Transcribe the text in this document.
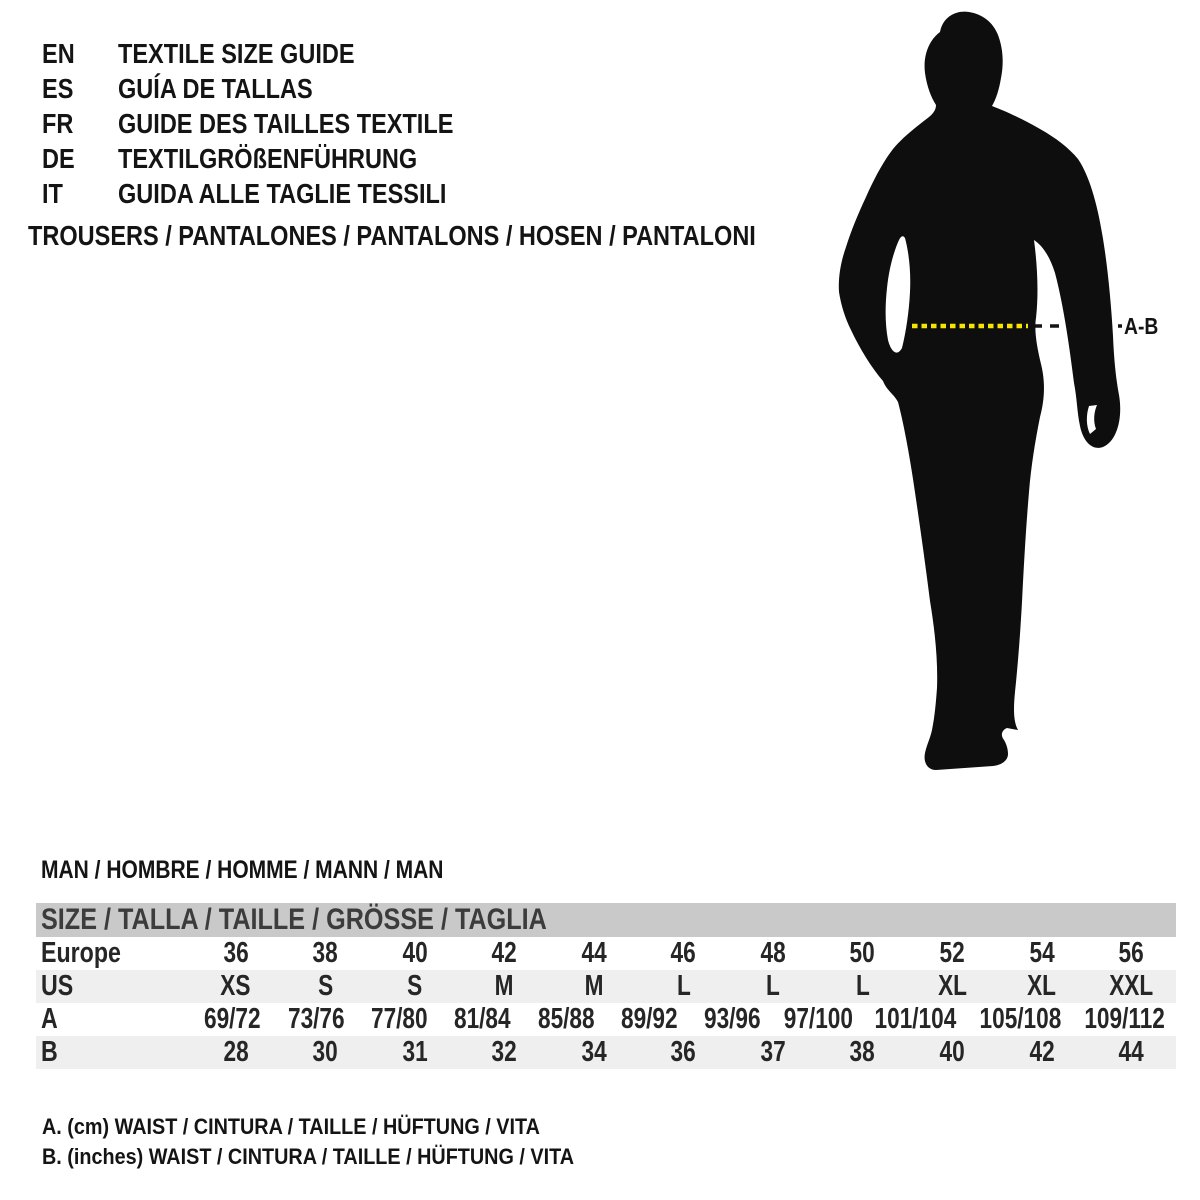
EN	TEXTILE SIZE GUIDE
ES	GUÍA DE TALLAS
FR	GUIDE DES TAILLES TEXTILE
DE	TEXTILGRÖßENFÜHRUNG
IT	GUIDA ALLE TAGLIE TESSILI
TROUSERS / PANTALONES / PANTALONS / HOSEN / PANTALONI
A-B
MAN / HOMBRE / HOMME / MANN / MAN
SIZE / TALLA / TAILLE / GRÖSSE / TAGLIA
Europe	36	38	40	42	44	46	48	50	52	54	56
US	XS	S	S	M	M	L	L	L	XL	XL	XXL
A	69/72 73/76 77/80 81/84 85/88 89/92 93/96 97/100 101/104 105/108 109/112
B	28	30	31	32	34	36	37	38	40	42	44
A. (cm) WAIST / CINTURA / TAILLE / HÜFTUNG / VITA
B. (inches) WAIST / CINTURA / TAILLE / HÜFTUNG / VITA
